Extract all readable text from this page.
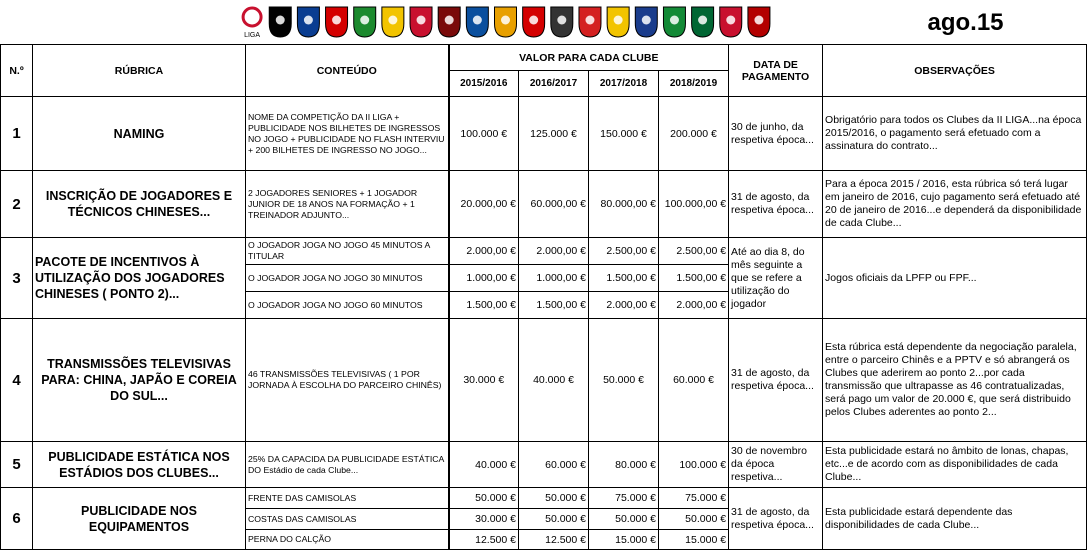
LIGA	ago.15
N.º	RÚBRICA	CONTEÚDO	VALOR PARA CADA CLUBE				DATA DE PAGAMENTO	OBSERVAÇÕES
			2015/2016	2016/2017	2017/2018	2018/2019		
1	NAMING	NOME DA COMPETIÇÃO DA II LIGA + PUBLICIDADE NOS BILHETES DE INGRESSOS NO JOGO + PUBLICIDADE NO FLASH INTERVIU + 200 BILHETES DE INGRESSO NO JOGO...	100.000 €	125.000 €	150.000 €	200.000 €	30 de junho, da respetiva época...	Obrigatório para todos os Clubes da II LIGA...na época 2015/2016, o pagamento será efetuado com a assinatura do contrato...
2	INSCRIÇÃO DE JOGADORES E TÉCNICOS CHINESES...	2 JOGADORES SENIORES + 1 JOGADOR JUNIOR DE 18 ANOS NA FORMAÇÃO + 1 TREINADOR ADJUNTO...	20.000,00 €	60.000,00 €	80.000,00 €	100.000,00 €	31 de agosto, da respetiva época...	Para a época 2015 / 2016, esta rúbrica só terá lugar em janeiro de 2016, cujo pagamento será efetuado até 20 de janeiro de 2016...e dependerá da disponibilidade de cada Clube...
3	PACOTE DE INCENTIVOS À UTILIZAÇÃO DOS JOGADORES CHINESES ( PONTO 2)...	O JOGADOR JOGA NO JOGO 45 MINUTOS A TITULAR	2.000,00 €	2.000,00 €	2.500,00 €	2.500,00 €	Até ao dia 8, do mês seguinte a que se refere a utilização do jogador	Jogos oficiais da LPFP ou FPF...
		O JOGADOR JOGA NO JOGO 30 MINUTOS	1.000,00 €	1.000,00 €	1.500,00 €	1.500,00 €		
		O JOGADOR JOGA NO JOGO 60 MINUTOS	1.500,00 €	1.500,00 €	2.000,00 €	2.000,00 €		
4	TRANSMISSÕES TELEVISIVAS PARA: CHINA, JAPÃO E COREIA DO SUL...	46 TRANSMISSÕES TELEVISIVAS ( 1 POR JORNADA À ESCOLHA DO PARCEIRO CHINÊS)	30.000 €	40.000 €	50.000 €	60.000 €	31 de agosto, da respetiva época...	Esta rúbrica está dependente da negociação paralela, entre o parceiro Chinês e a PPTV e só abrangerá os Clubes que aderirem ao ponto 2...por cada transmissão que ultrapasse as 46 contratualizadas, será pago um valor de 20.000 €, que será distribuido pelos Clubes aderentes ao ponto 2...
5	PUBLICIDADE ESTÁTICA NOS ESTÁDIOS DOS CLUBES...	25% DA CAPACIDA DA PUBLICIDADE ESTÁTICA DO Estádio de cada Clube...	40.000 €	60.000 €	80.000 €	100.000 €	30 de novembro da época respetiva...	Esta publicidade estará no âmbito de lonas, chapas, etc...e de acordo com as disponibilidades de cada Clube...
6	PUBLICIDADE NOS EQUIPAMENTOS	FRENTE DAS CAMISOLAS	50.000 €	50.000 €	75.000 €	75.000 €	31 de agosto, da respetiva época...	Esta publicidade estará dependente das disponibilidades de cada Clube...
		COSTAS DAS CAMISOLAS	30.000 €	50.000 €	50.000 €	50.000 €		
		PERNA DO CALÇÃO	12.500 €	12.500 €	15.000 €	15.000 €		
